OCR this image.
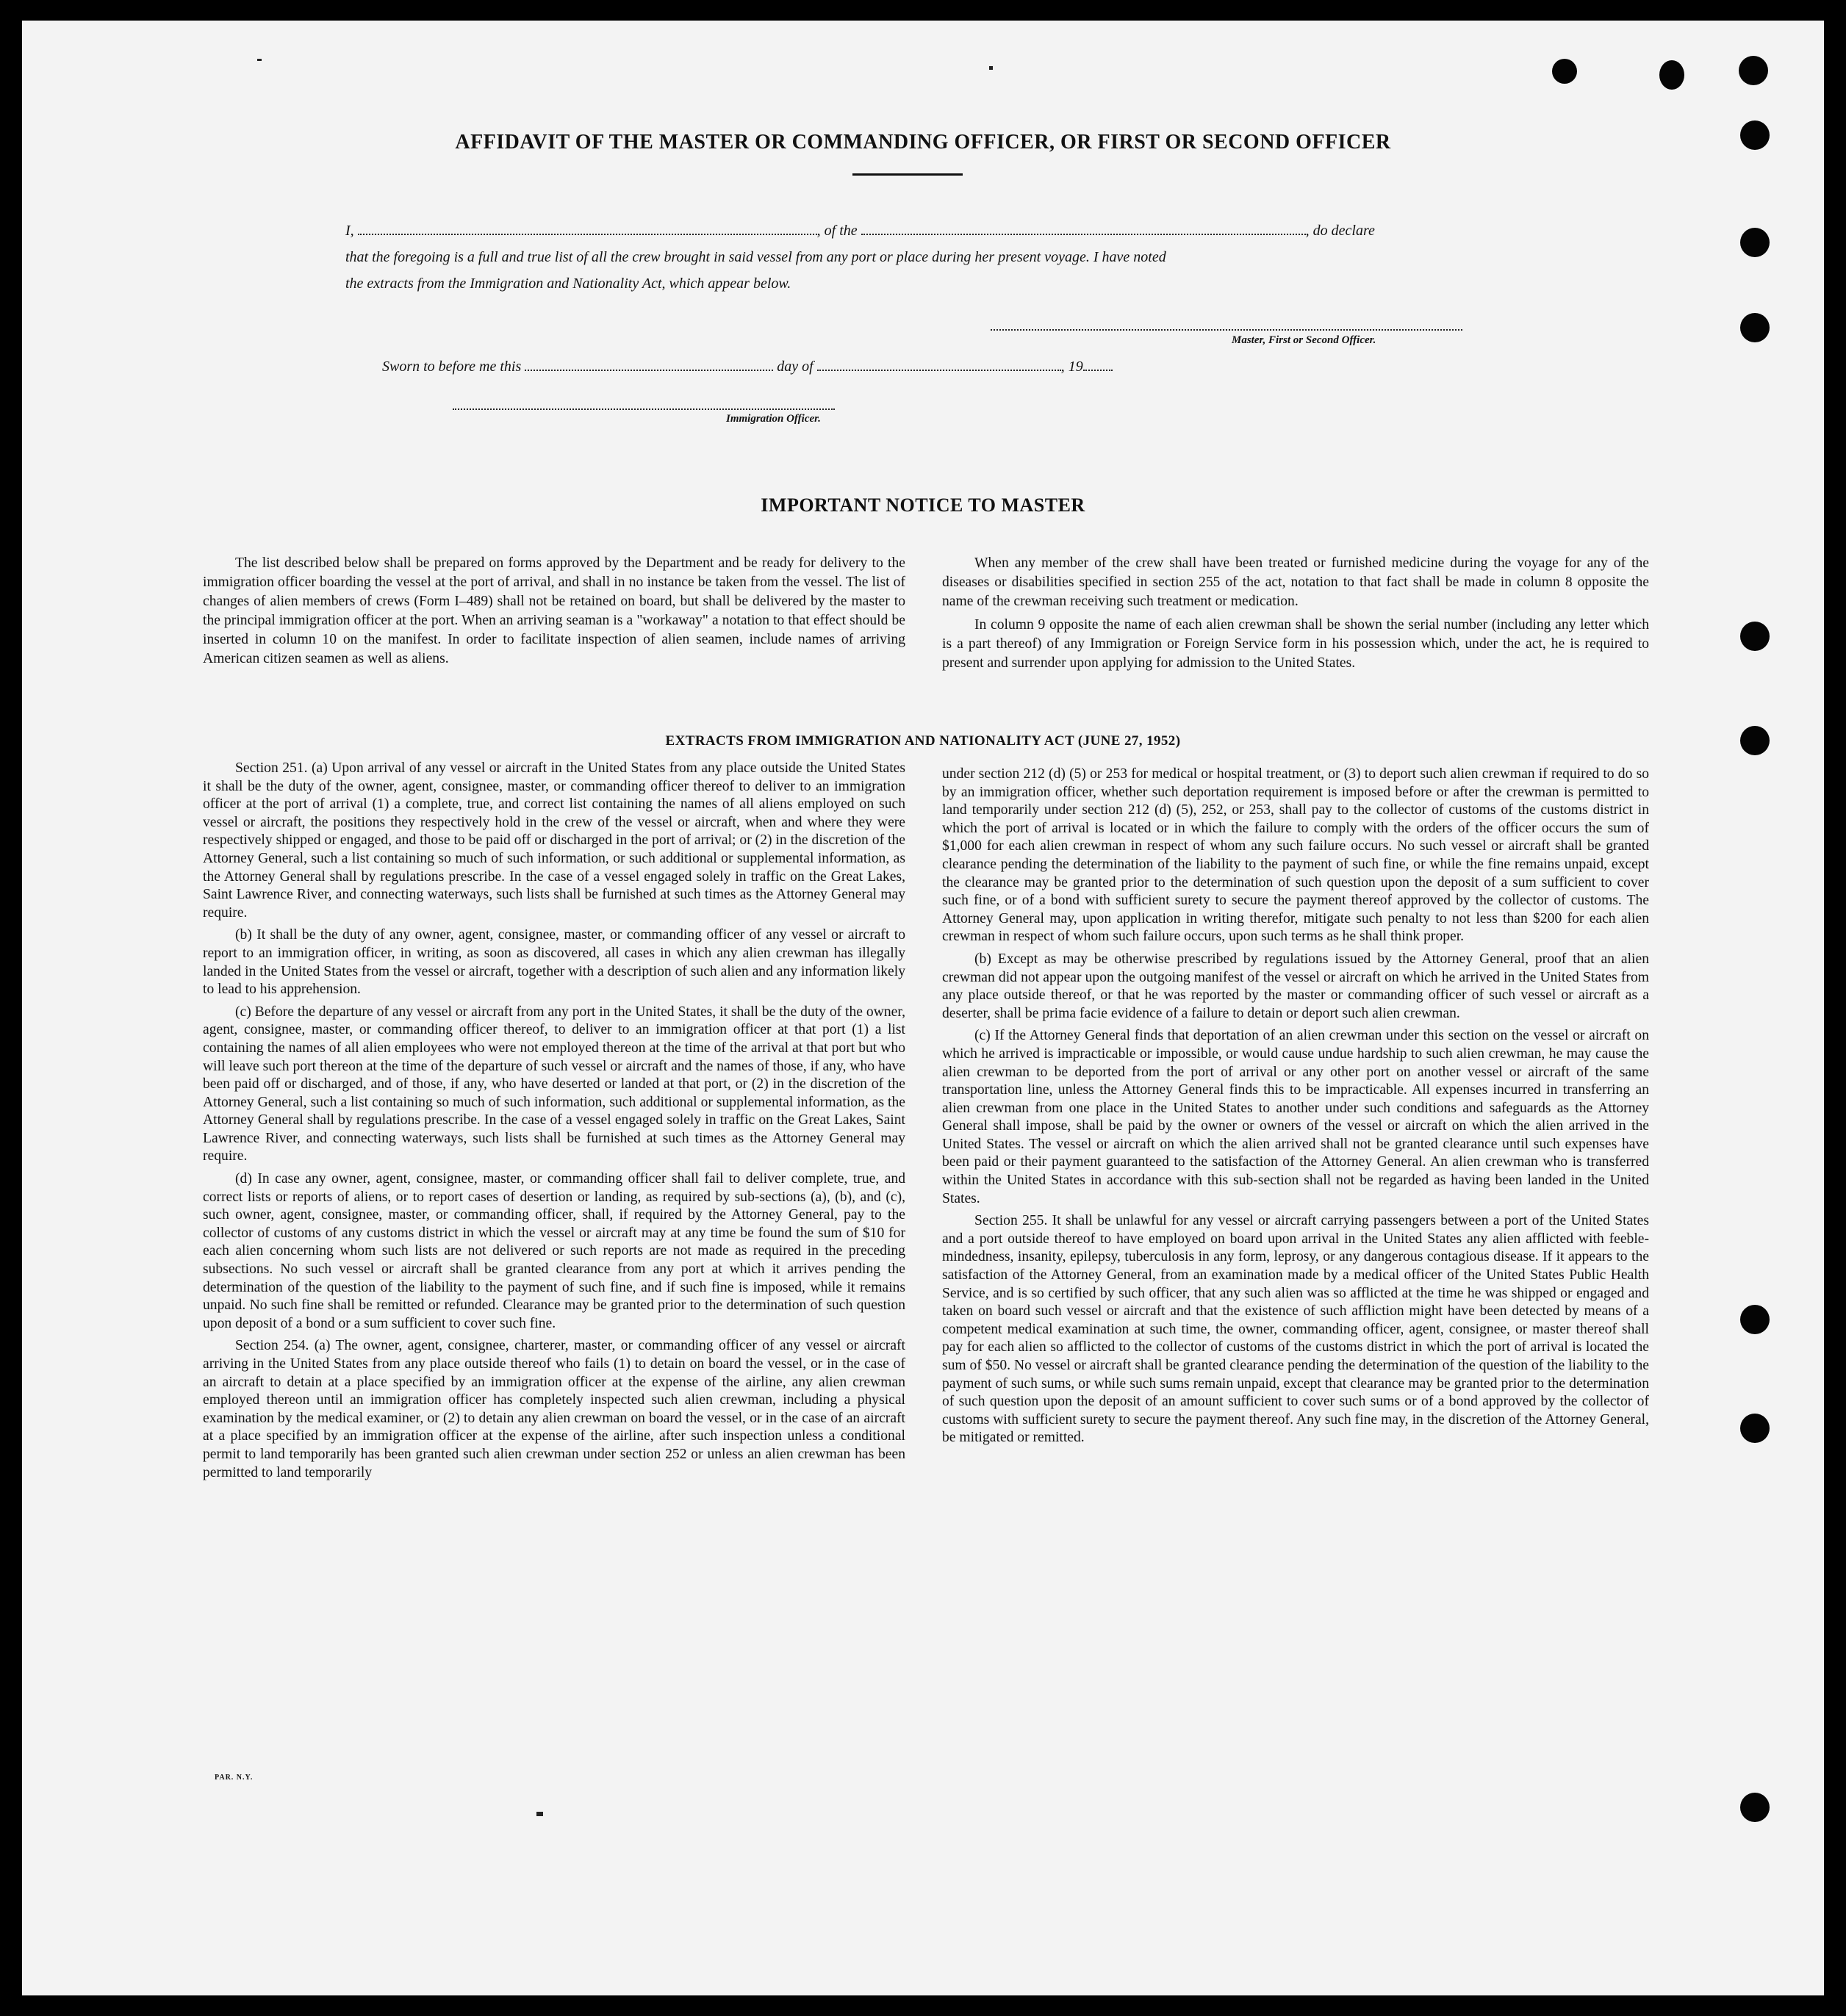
AFFIDAVIT OF THE MASTER OR COMMANDING OFFICER, OR FIRST OR SECOND OFFICER
I,	, of the	, do declare
that the foregoing is a full and true list of all the crew brought in said vessel from any port or place during her present voyage. I have noted
the extracts from the Immigration and Nationality Act, which appear below.
Master, First or Second Officer.
Sworn to before me this	day of	, 19
Immigration Officer.
IMPORTANT NOTICE TO MASTER

The list described below shall be prepared on forms approved by the Department and be ready for delivery to the immigration officer boarding the vessel at the port of arrival, and shall in no instance be taken from the vessel. The list of changes of alien members of crews (Form I–489) shall not be retained on board, but shall be delivered by the master to the principal immigration officer at the port. When an arriving seaman is a "workaway" a notation to that effect should be inserted in column 10 on the manifest. In order to facilitate inspection of alien seamen, include names of arriving American citizen seamen as well as aliens.

When any member of the crew shall have been treated or furnished medicine during the voyage for any of the diseases or disabilities specified in section 255 of the act, notation to that fact shall be made in column 8 opposite the name of the crewman receiving such treatment or medication.

In column 9 opposite the name of each alien crewman shall be shown the serial number (including any letter which is a part thereof) of any Immigration or Foreign Service form in his possession which, under the act, he is required to present and surrender upon applying for admission to the United States.

EXTRACTS FROM IMMIGRATION AND NATIONALITY ACT (JUNE 27, 1952)

Section 251. (a) Upon arrival of any vessel or aircraft in the United States from any place outside the United States it shall be the duty of the owner, agent, consignee, master, or commanding officer thereof to deliver to an immigration officer at the port of arrival (1) a complete, true, and correct list containing the names of all aliens employed on such vessel or aircraft, the positions they respectively hold in the crew of the vessel or aircraft, when and where they were respectively shipped or engaged, and those to be paid off or discharged in the port of arrival; or (2) in the discretion of the Attorney General, such a list containing so much of such information, or such additional or supplemental information, as the Attorney General shall by regulations prescribe. In the case of a vessel engaged solely in traffic on the Great Lakes, Saint Lawrence River, and connecting waterways, such lists shall be furnished at such times as the Attorney General may require.

(b) It shall be the duty of any owner, agent, consignee, master, or commanding officer of any vessel or aircraft to report to an immigration officer, in writing, as soon as discovered, all cases in which any alien crewman has illegally landed in the United States from the vessel or aircraft, together with a description of such alien and any information likely to lead to his apprehension.

(c) Before the departure of any vessel or aircraft from any port in the United States, it shall be the duty of the owner, agent, consignee, master, or commanding officer thereof, to deliver to an immigration officer at that port (1) a list containing the names of all alien employees who were not employed thereon at the time of the arrival at that port but who will leave such port thereon at the time of the departure of such vessel or aircraft and the names of those, if any, who have been paid off or discharged, and of those, if any, who have deserted or landed at that port, or (2) in the discretion of the Attorney General, such a list containing so much of such information, such additional or supplemental information, as the Attorney General shall by regulations prescribe. In the case of a vessel engaged solely in traffic on the Great Lakes, Saint Lawrence River, and connecting waterways, such lists shall be furnished at such times as the Attorney General may require.

(d) In case any owner, agent, consignee, master, or commanding officer shall fail to deliver complete, true, and correct lists or reports of aliens, or to report cases of desertion or landing, as required by sub-sections (a), (b), and (c), such owner, agent, consignee, master, or commanding officer, shall, if required by the Attorney General, pay to the collector of customs of any customs district in which the vessel or aircraft may at any time be found the sum of $10 for each alien concerning whom such lists are not delivered or such reports are not made as required in the preceding subsections. No such vessel or aircraft shall be granted clearance from any port at which it arrives pending the determination of the question of the liability to the payment of such fine, and if such fine is imposed, while it remains unpaid. No such fine shall be remitted or refunded. Clearance may be granted prior to the determination of such question upon deposit of a bond or a sum sufficient to cover such fine.

Section 254. (a) The owner, agent, consignee, charterer, master, or commanding officer of any vessel or aircraft arriving in the United States from any place outside thereof who fails (1) to detain on board the vessel, or in the case of an aircraft to detain at a place specified by an immigration officer at the expense of the airline, any alien crewman employed thereon until an immigration officer has completely inspected such alien crewman, including a physical examination by the medical examiner, or (2) to detain any alien crewman on board the vessel, or in the case of an aircraft at a place specified by an immigration officer at the expense of the airline, after such inspection unless a conditional permit to land temporarily has been granted such alien crewman under section 252 or unless an alien crewman has been permitted to land temporarily

under section 212 (d) (5) or 253 for medical or hospital treatment, or (3) to deport such alien crewman if required to do so by an immigration officer, whether such deportation requirement is imposed before or after the crewman is permitted to land temporarily under section 212 (d) (5), 252, or 253, shall pay to the collector of customs of the customs district in which the port of arrival is located or in which the failure to comply with the orders of the officer occurs the sum of $1,000 for each alien crewman in respect of whom any such failure occurs. No such vessel or aircraft shall be granted clearance pending the determination of the liability to the payment of such fine, or while the fine remains unpaid, except the clearance may be granted prior to the determination of such question upon the deposit of a sum sufficient to cover such fine, or of a bond with sufficient surety to secure the payment thereof approved by the collector of customs. The Attorney General may, upon application in writing therefor, mitigate such penalty to not less than $200 for each alien crewman in respect of whom such failure occurs, upon such terms as he shall think proper.

(b) Except as may be otherwise prescribed by regulations issued by the Attorney General, proof that an alien crewman did not appear upon the outgoing manifest of the vessel or aircraft on which he arrived in the United States from any place outside thereof, or that he was reported by the master or commanding officer of such vessel or aircraft as a deserter, shall be prima facie evidence of a failure to detain or deport such alien crewman.

(c) If the Attorney General finds that deportation of an alien crewman under this section on the vessel or aircraft on which he arrived is impracticable or impossible, or would cause undue hardship to such alien crewman, he may cause the alien crewman to be deported from the port of arrival or any other port on another vessel or aircraft of the same transportation line, unless the Attorney General finds this to be impracticable. All expenses incurred in transferring an alien crewman from one place in the United States to another under such conditions and safeguards as the Attorney General shall impose, shall be paid by the owner or owners of the vessel or aircraft on which the alien arrived in the United States. The vessel or aircraft on which the alien arrived shall not be granted clearance until such expenses have been paid or their payment guaranteed to the satisfaction of the Attorney General. An alien crewman who is transferred within the United States in accordance with this sub-section shall not be regarded as having been landed in the United States.

Section 255. It shall be unlawful for any vessel or aircraft carrying passengers between a port of the United States and a port outside thereof to have employed on board upon arrival in the United States any alien afflicted with feeble-mindedness, insanity, epilepsy, tuberculosis in any form, leprosy, or any dangerous contagious disease. If it appears to the satisfaction of the Attorney General, from an examination made by a medical officer of the United States Public Health Service, and is so certified by such officer, that any such alien was so afflicted at the time he was shipped or engaged and taken on board such vessel or aircraft and that the existence of such affliction might have been detected by means of a competent medical examination at such time, the owner, commanding officer, agent, consignee, or master thereof shall pay for each alien so afflicted to the collector of customs of the customs district in which the port of arrival is located the sum of $50. No vessel or aircraft shall be granted clearance pending the determination of the question of the liability to the payment of such sums, or while such sums remain unpaid, except that clearance may be granted prior to the determination of such question upon the deposit of an amount sufficient to cover such sums or of a bond approved by the collector of customs with sufficient surety to secure the payment thereof. Any such fine may, in the discretion of the Attorney General, be mitigated or remitted.

PAR. N.Y.
